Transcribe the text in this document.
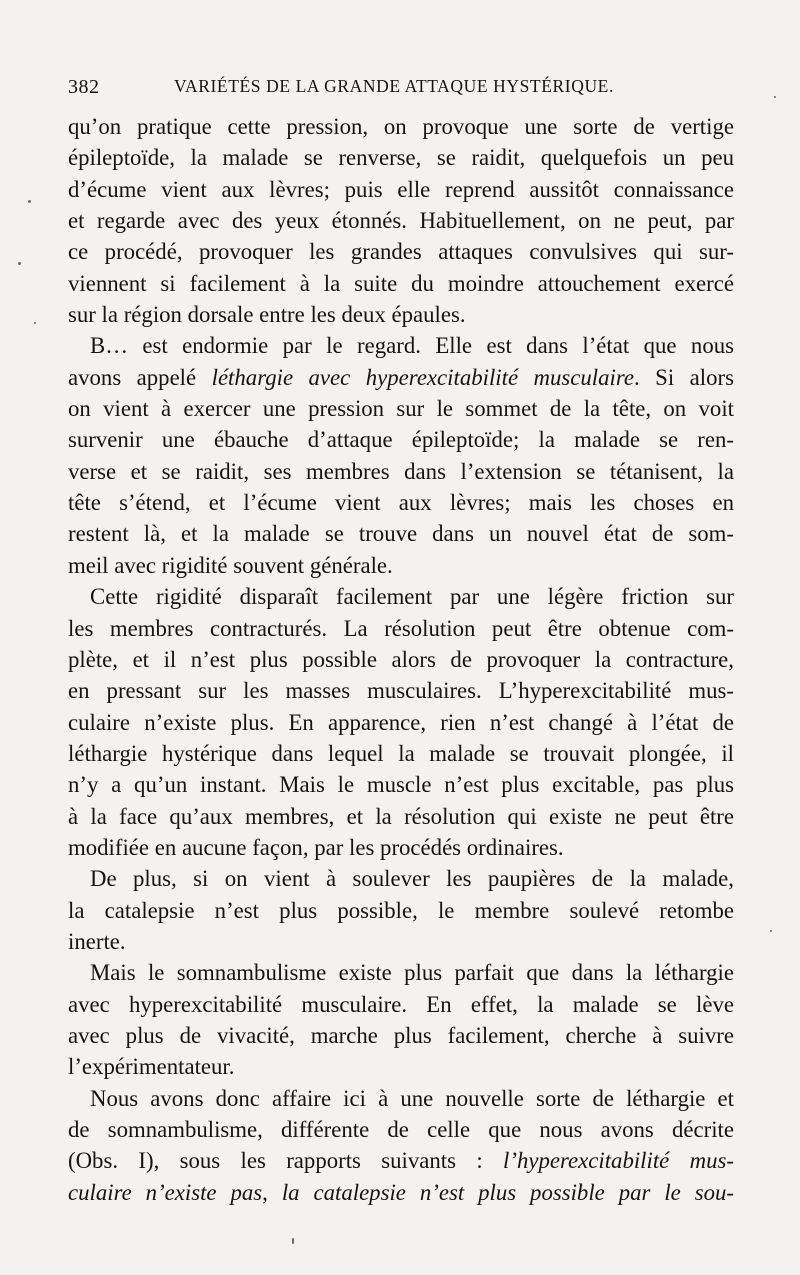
382	VARIÉTÉS DE LA GRANDE ATTAQUE HYSTÉRIQUE.
qu’on pratique cette pression, on provoque une sorte de vertige
épileptoïde, la malade se renverse, se raidit, quelquefois un peu
d’écume vient aux lèvres; puis elle reprend aussitôt connaissance
et regarde avec des yeux étonnés. Habituellement, on ne peut, par
ce procédé, provoquer les grandes attaques convulsives qui sur-
viennent si facilement à la suite du moindre attouchement exercé
sur la région dorsale entre les deux épaules.
B… est endormie par le regard. Elle est dans l’état que nous
avons appelé léthargie avec hyperexcitabilité musculaire. Si alors
on vient à exercer une pression sur le sommet de la tête, on voit
survenir une ébauche d’attaque épileptoïde; la malade se ren-
verse et se raidit, ses membres dans l’extension se tétanisent, la
tête s’étend, et l’écume vient aux lèvres; mais les choses en
restent là, et la malade se trouve dans un nouvel état de som-
meil avec rigidité souvent générale.
Cette rigidité disparaît facilement par une légère friction sur
les membres contracturés. La résolution peut être obtenue com-
plète, et il n’est plus possible alors de provoquer la contracture,
en pressant sur les masses musculaires. L’hyperexcitabilité mus-
culaire n’existe plus. En apparence, rien n’est changé à l’état de
léthargie hystérique dans lequel la malade se trouvait plongée, il
n’y a qu’un instant. Mais le muscle n’est plus excitable, pas plus
à la face qu’aux membres, et la résolution qui existe ne peut être
modifiée en aucune façon, par les procédés ordinaires.
De plus, si on vient à soulever les paupières de la malade,
la catalepsie n’est plus possible, le membre soulevé retombe
inerte.
Mais le somnambulisme existe plus parfait que dans la léthargie
avec hyperexcitabilité musculaire. En effet, la malade se lève
avec plus de vivacité, marche plus facilement, cherche à suivre
l’expérimentateur.
Nous avons donc affaire ici à une nouvelle sorte de léthargie et
de somnambulisme, différente de celle que nous avons décrite
(Obs. I), sous les rapports suivants : l’hyperexcitabilité mus-
culaire n’existe pas, la catalepsie n’est plus possible par le sou-
